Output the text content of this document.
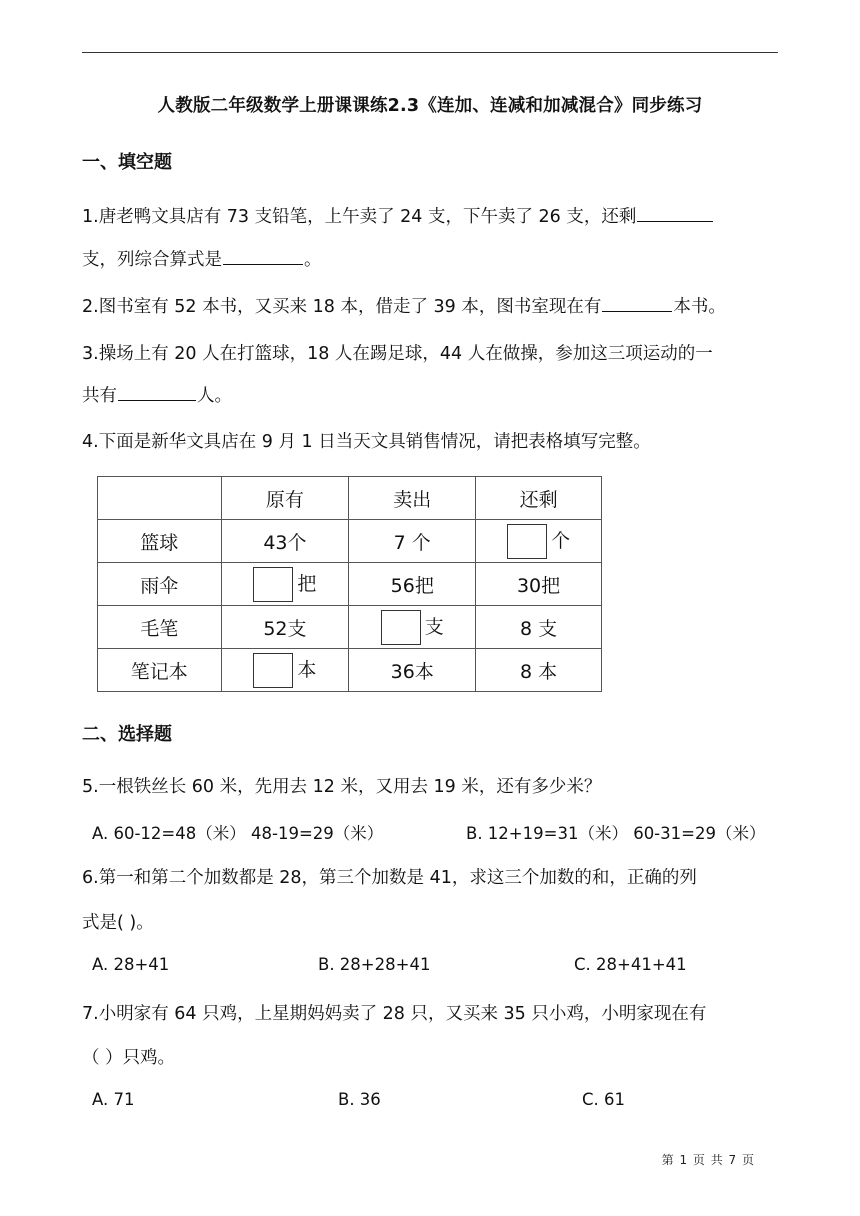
人教版二年级数学上册课课练2.3《连加、连减和加减混合》同步练习
一、填空题
1.唐老鸭文具店有 73 支铅笔，上午卖了 24 支，下午卖了 26 支，还剩
支，列综合算式是	。
2.图书室有 52 本书，又买来 18 本，借走了 39 本，图书室现在有	本书。
3.操场上有 20 人在打篮球，18 人在踢足球，44 人在做操，参加这三项运动的一
共有	人。
4.下面是新华文具店在 9 月 1 日当天文具销售情况，请把表格填写完整。
	原有	卖出	还剩
篮球	43个	7 个	个
雨伞	把	56把	30把
毛笔	52支	支	8 支
笔记本	本	36本	8 本
二、选择题
5.一根铁丝长 60 米，先用去 12 米，又用去 19 米，还有多少米？
A. 60-12=48（米） 48-19=29（米）	B. 12+19=31（米） 60-31=29（米）
6.第一和第二个加数都是 28，第三个加数是 41，求这三个加数的和，正确的列
式是( )。
A. 28+41	B. 28+28+41	C. 28+41+41
7.小明家有 64 只鸡，上星期妈妈卖了 28 只，又买来 35 只小鸡，小明家现在有
（ ）只鸡。
A. 71	B. 36	C. 61
第 1 页 共 7 页
